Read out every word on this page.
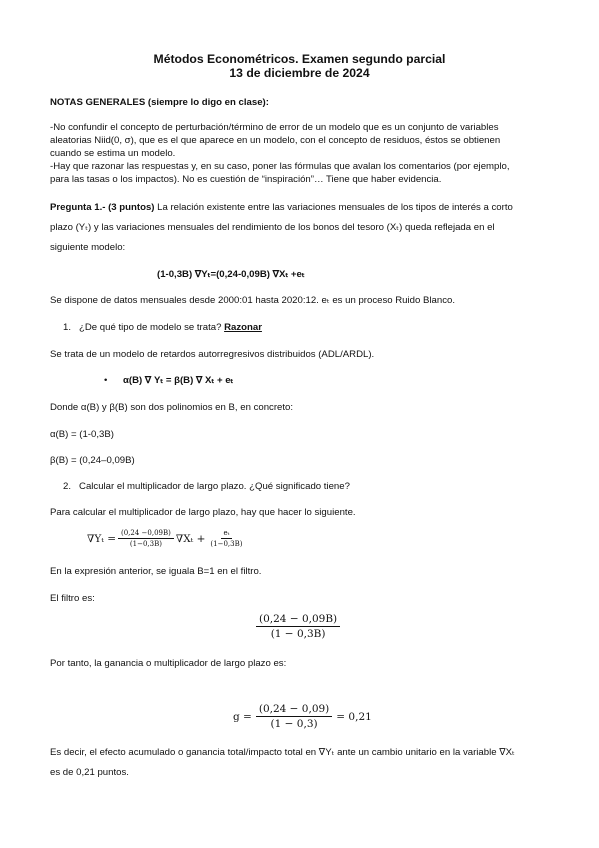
Métodos Econométricos. Examen segundo parcial
13 de diciembre de 2024
NOTAS GENERALES (siempre lo digo en clase):
-No confundir el concepto de perturbación/término de error de un modelo que es un conjunto de variables
aleatorias Niid(0, σ), que es el que aparece en un modelo, con el concepto de residuos, éstos se obtienen
cuando se estima un modelo.
-Hay que razonar las respuestas y, en su caso, poner las fórmulas que avalan los comentarios (por ejemplo,
para las tasas o los impactos). No es cuestión de “inspiración”… Tiene que haber evidencia.
Pregunta 1.- (3 puntos) La relación existente entre las variaciones mensuales de los tipos de interés a corto
plazo (Yₜ) y las variaciones mensuales del rendimiento de los bonos del tesoro (Xₜ) queda reflejada en el
siguiente modelo:
(1-0,3B) ∇Yₜ=(0,24-0,09B) ∇Xₜ +eₜ
Se dispone de datos mensuales desde 2000:01 hasta 2020:12. eₜ es un proceso Ruido Blanco.
1. ¿De qué tipo de modelo se trata? Razonar
Se trata de un modelo de retardos autorregresivos distribuidos (ADL/ARDL).
• α(B) ∇ Yₜ = β(B) ∇ Xₜ + eₜ
Donde α(B) y β(B) son dos polinomios en B, en concreto:
α(B) = (1-0,3B)
β(B) = (0,24–0,09B)
2. Calcular el multiplicador de largo plazo. ¿Qué significado tiene?
Para calcular el multiplicador de largo plazo, hay que hacer lo siguiente.
$\nabla Y_t = \frac{(0,24 -0,09B)}{(1-0,3B)} \nabla X_t + \frac{\text{eₜ}}{(1-0,3B)}$
En la expresión anterior, se iguala B=1 en el filtro.
El filtro es:
$\frac{(0,24 - 0,09B)}{(1 - 0,3B)}$
Por tanto, la ganancia o multiplicador de largo plazo es:
$g = \frac{(0,24 - 0,09)}{(1 - 0,3)} = 0,21$
Es decir, el efecto acumulado o ganancia total/impacto total en ∇Yₜ ante un cambio unitario en la variable ∇Xₜ
es de 0,21 puntos.
